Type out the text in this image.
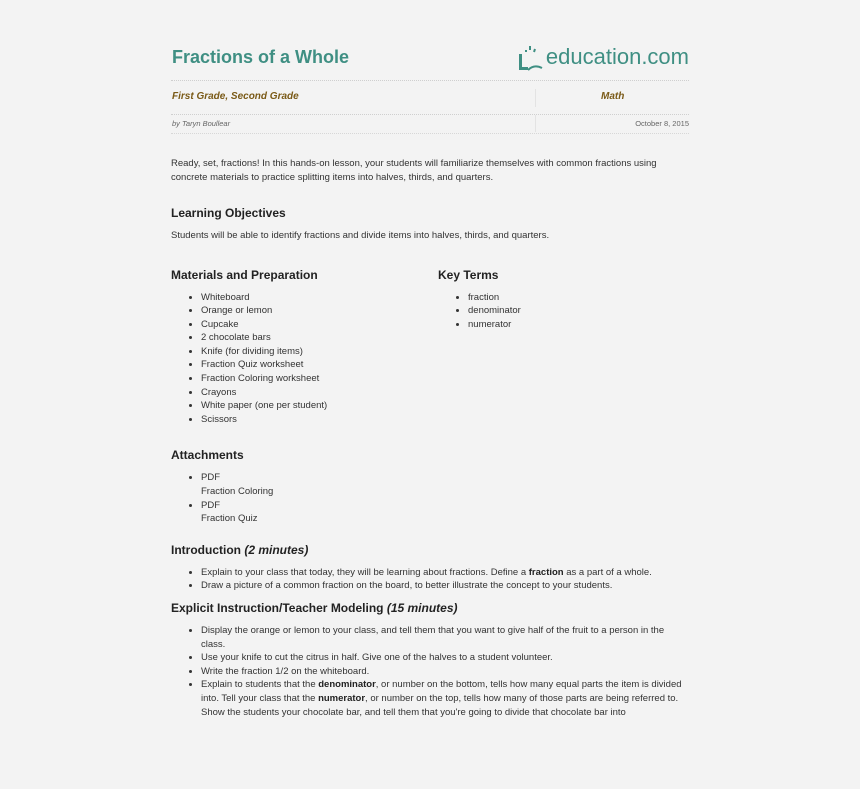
Fractions of a Whole	education .com
First Grade, Second Grade	Math
by Taryn Boullear	October 8, 2015

Ready, set, fractions! In this hands-on lesson, your students will familiarize themselves with common fractions using concrete materials to practice splitting items into halves, thirds, and quarters.

Learning Objectives

Students will be able to identify fractions and divide items into halves, thirds, and quarters.

Materials and Preparation
• Whiteboard
• Orange or lemon
• Cupcake
• 2 chocolate bars
• Knife (for dividing items)
• Fraction Quiz worksheet
• Fraction Coloring worksheet
• Crayons
• White paper (one per student)
• Scissors
Key Terms
• fraction
• denominator
• numerator
Attachments
• PDF
Fraction Coloring
• PDF
Fraction Quiz
Introduction (2 minutes)
• Explain to your class that today, they will be learning about fractions. Define a fraction as a part of a whole.
• Draw a picture of a common fraction on the board, to better illustrate the concept to your students.
Explicit Instruction/Teacher Modeling (15 minutes)
• Display the orange or lemon to your class, and tell them that you want to give half of the fruit to a person in the class.
• Use your knife to cut the citrus in half. Give one of the halves to a student volunteer.
• Write the fraction 1/2 on the whiteboard.
• Explain to students that the denominator, or number on the bottom, tells how many equal parts the item is divided into. Tell your class that the numerator, or number on the top, tells how many of those parts are being referred to.
• Show the students your chocolate bar, and tell them that you're going to divide that chocolate bar into
